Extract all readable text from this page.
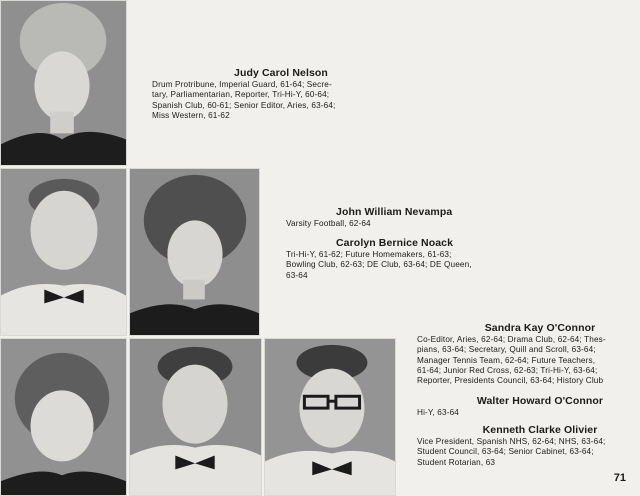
Judy Carol Nelson
Drum Protribune, Imperial Guard, 61-64; Secre-
tary, Parliamentarian, Reporter, Tri-Hi-Y, 60-64;
Spanish Club, 60-61; Senior Editor, Aries, 63-64;
Miss Western, 61-62
John William Nevampa
Varsity Football, 62-64
Carolyn Bernice Noack
Tri-Hi-Y, 61-62; Future Homemakers, 61-63;
Bowling Club, 62-63; DE Club, 63-64; DE Queen,
63-64
Sandra Kay O'Connor
Co-Editor, Aries, 62-64; Drama Club, 62-64; Thes-
pians, 63-64; Secretary, Quill and Scroll, 63-64;
Manager Tennis Team, 62-64; Future Teachers,
61-64; Junior Red Cross, 62-63; Tri-Hi-Y, 63-64;
Reporter, Presidents Council, 63-64; History Club
Walter Howard O'Connor
Hi-Y, 63-64
Kenneth Clarke Olivier
Vice President, Spanish NHS, 62-64; NHS, 63-64;
Student Council, 63-64; Senior Cabinet, 63-64;
Student Rotarian, 63
71
